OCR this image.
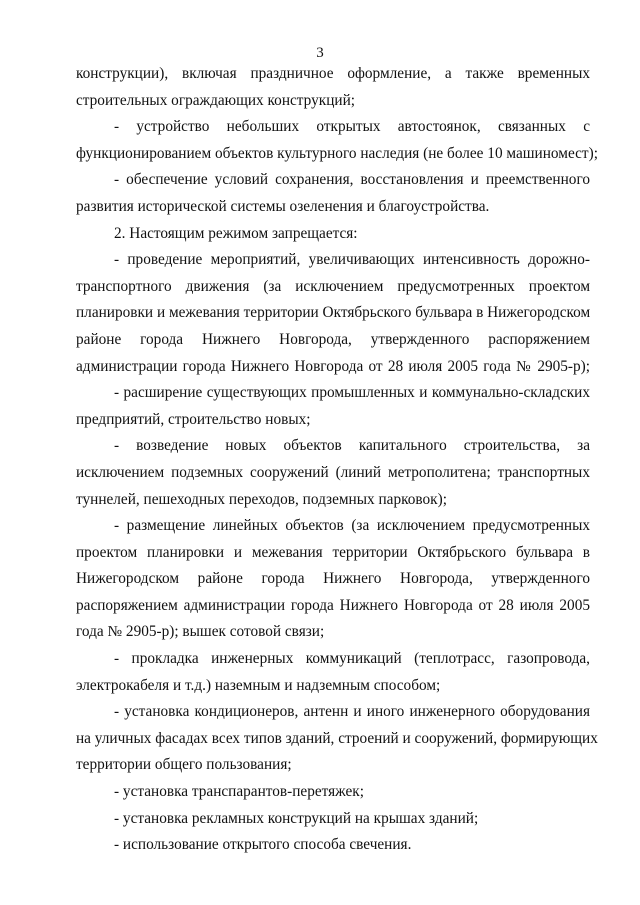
3
конструкции), включая праздничное оформление, а также временных
строительных ограждающих конструкций;
- устройство небольших открытых автостоянок, связанных с
функционированием объектов культурного наследия (не более 10 машиномест);
- обеспечение условий сохранения, восстановления и преемственного
развития исторической системы озеленения и благоустройства.
2. Настоящим режимом запрещается:
- проведение мероприятий, увеличивающих интенсивность дорожно-
транспортного движения (за исключением предусмотренных проектом
планировки и межевания территории Октябрьского бульвара в Нижегородском
районе города Нижнего Новгорода, утвержденного распоряжением
администрации города Нижнего Новгорода от 28 июля 2005 года № 2905-р);
- расширение существующих промышленных и коммунально-складских
предприятий, строительство новых;
- возведение новых объектов капитального строительства, за
исключением подземных сооружений (линий метрополитена; транспортных
туннелей, пешеходных переходов, подземных парковок);
- размещение линейных объектов (за исключением предусмотренных
проектом планировки и межевания территории Октябрьского бульвара в
Нижегородском районе города Нижнего Новгорода, утвержденного
распоряжением администрации города Нижнего Новгорода от 28 июля 2005
года № 2905-р); вышек сотовой связи;
- прокладка инженерных коммуникаций (теплотрасс, газопровода,
электрокабеля и т.д.) наземным и надземным способом;
- установка кондиционеров, антенн и иного инженерного оборудования
на уличных фасадах всех типов зданий, строений и сооружений, формирующих
территории общего пользования;
- установка транспарантов-перетяжек;
- установка рекламных конструкций на крышах зданий;
- использование открытого способа свечения.
